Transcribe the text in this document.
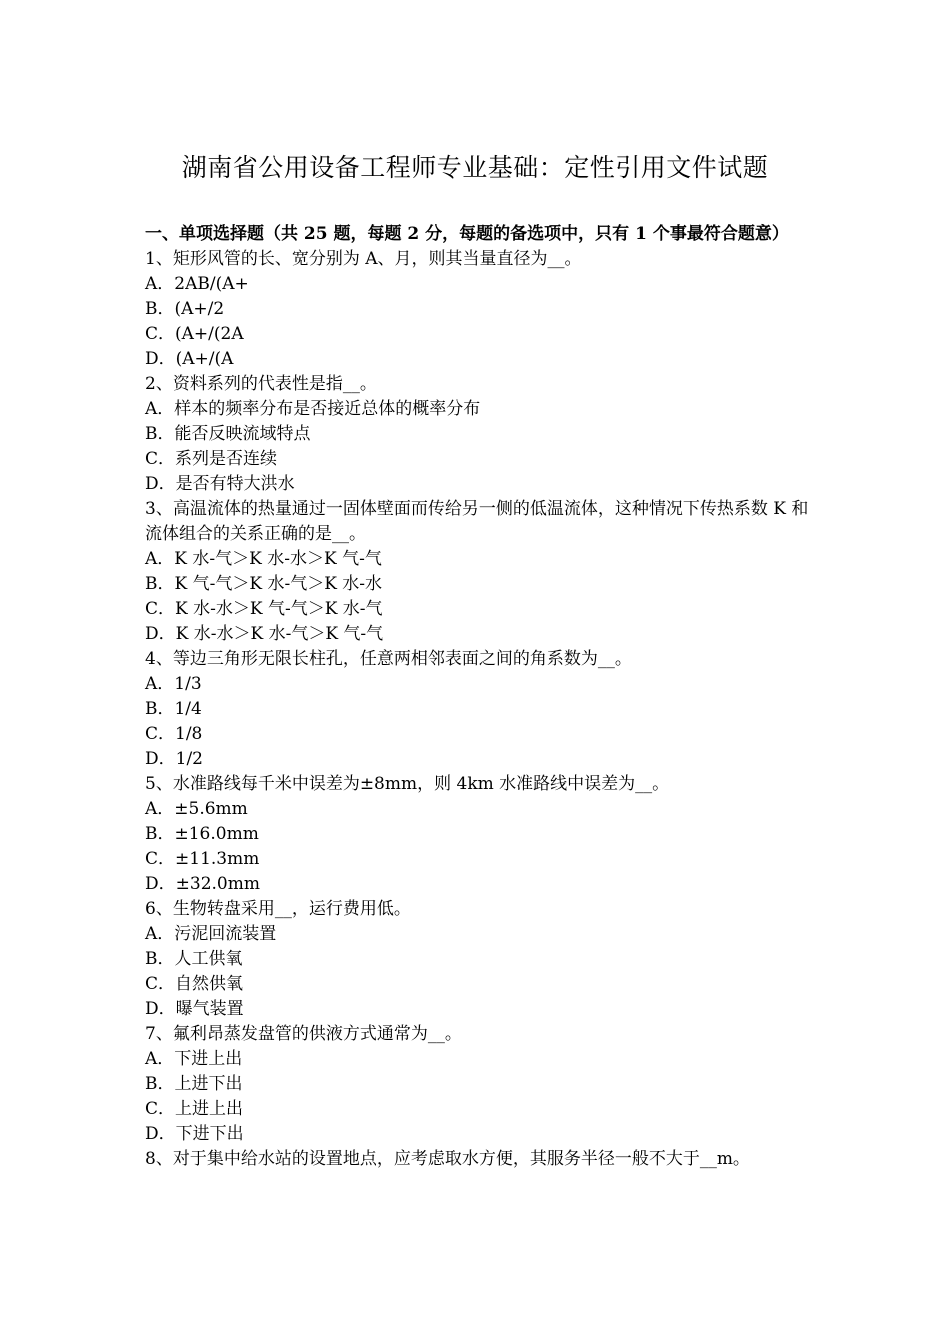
湖南省公用设备工程师专业基础：定性引用文件试题

一、单项选择题（共 25 题，每题 2 分，每题的备选项中，只有 1 个事最符合题意）

1、矩形风管的长、宽分别为 A、月，则其当量直径为__。

A．2AB/(A+

B．(A+/2

C．(A+/(2A

D．(A+/(A

2、资料系列的代表性是指__。

A．样本的频率分布是否接近总体的概率分布

B．能否反映流域特点

C．系列是否连续

D．是否有特大洪水

3、高温流体的热量通过一固体壁面而传给另一侧的低温流体，这种情况下传热系数 K 和流体组合的关系正确的是__。

A．K 水-气＞K 水-水＞K 气-气

B．K 气-气＞K 水-气＞K 水-水

C．K 水-水＞K 气-气＞K 水-气

D．K 水-水＞K 水-气＞K 气-气

4、等边三角形无限长柱孔，任意两相邻表面之间的角系数为__。

A．1/3

B．1/4

C．1/8

D．1/2

5、水准路线每千米中误差为±8mm，则 4km 水准路线中误差为__。

A．±5.6mm

B．±16.0mm

C．±11.3mm

D．±32.0mm

6、生物转盘采用__，运行费用低。

A．污泥回流装置

B．人工供氧

C．自然供氧

D．曝气装置

7、氟利昂蒸发盘管的供液方式通常为__。

A．下进上出

B．上进下出

C．上进上出

D．下进下出

8、对于集中给水站的设置地点，应考虑取水方便，其服务半径一般不大于__m。
